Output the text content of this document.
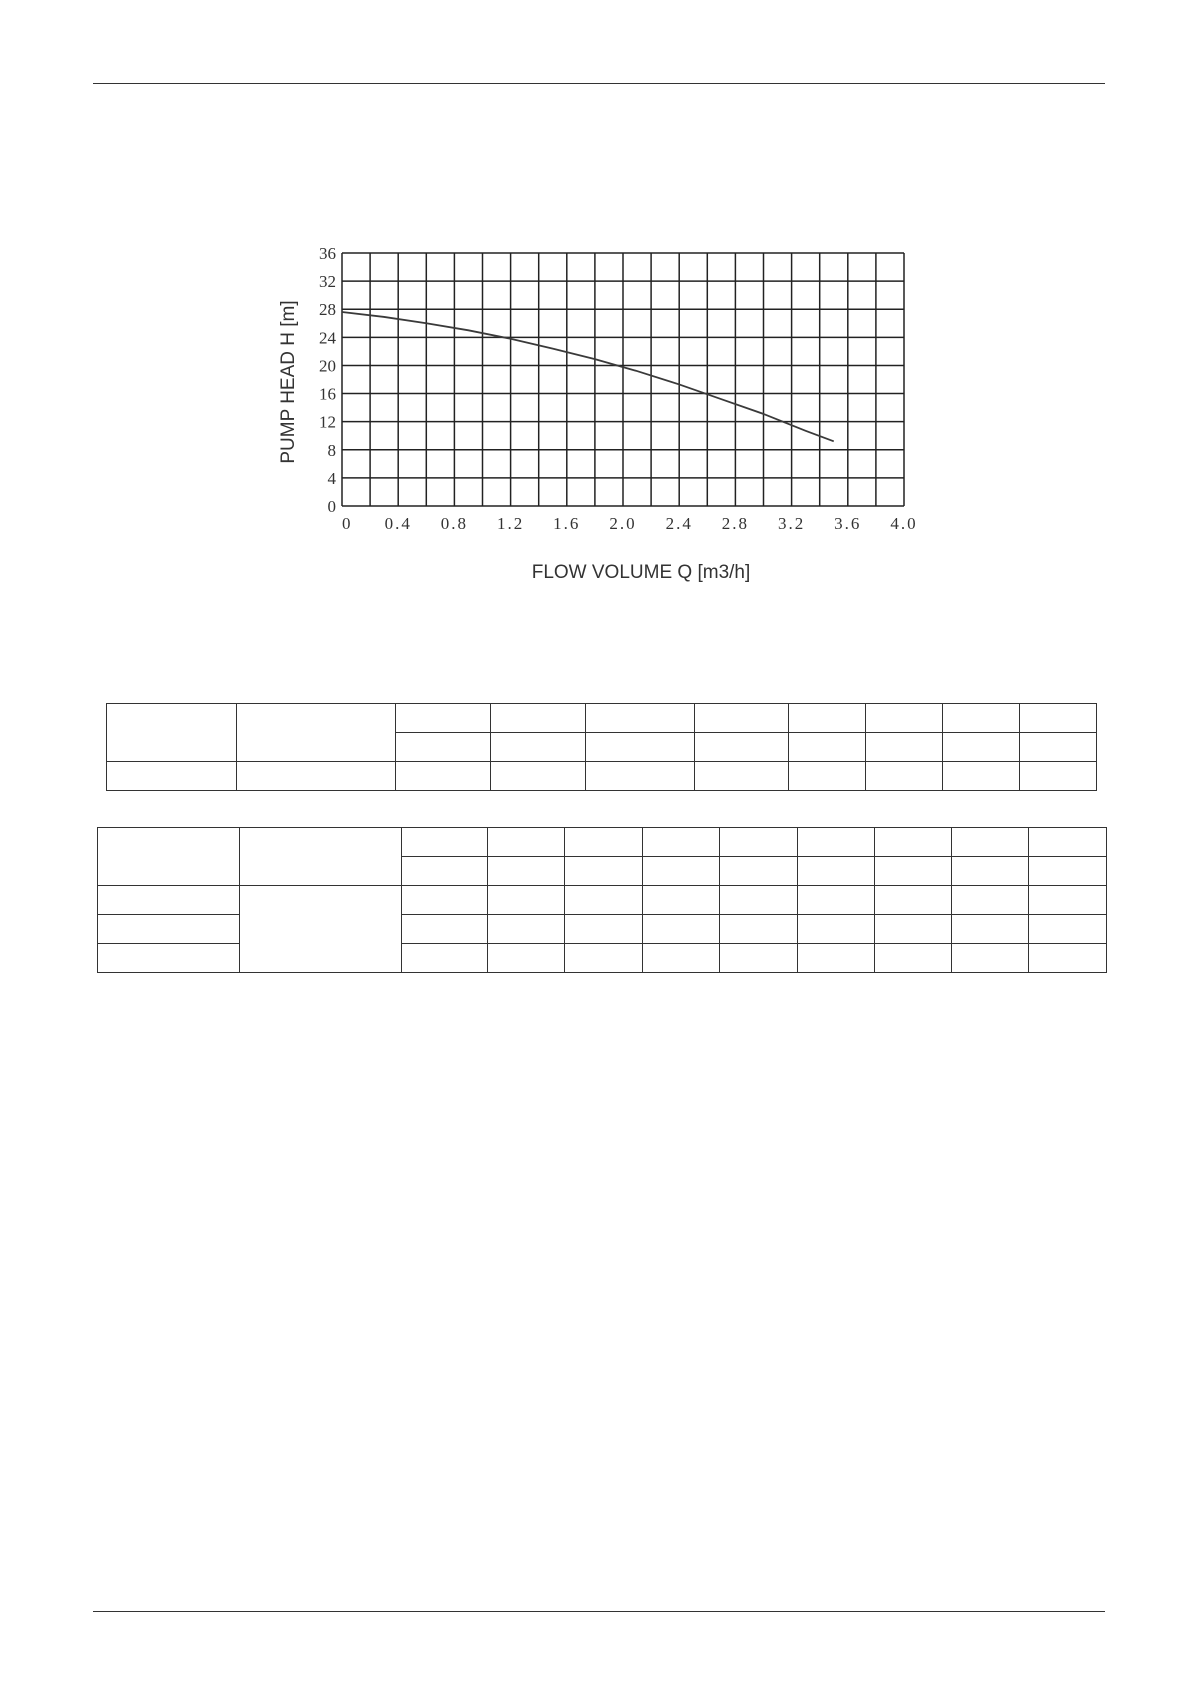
0
4
8
12
16
20
24
28
32
36
0 0.4 0.8 1.2 1.6 2.0 2.4 2.8 3.2 3.6 4.0
PUMP HEAD H [m]
FLOW VOLUME Q [m3/h]
